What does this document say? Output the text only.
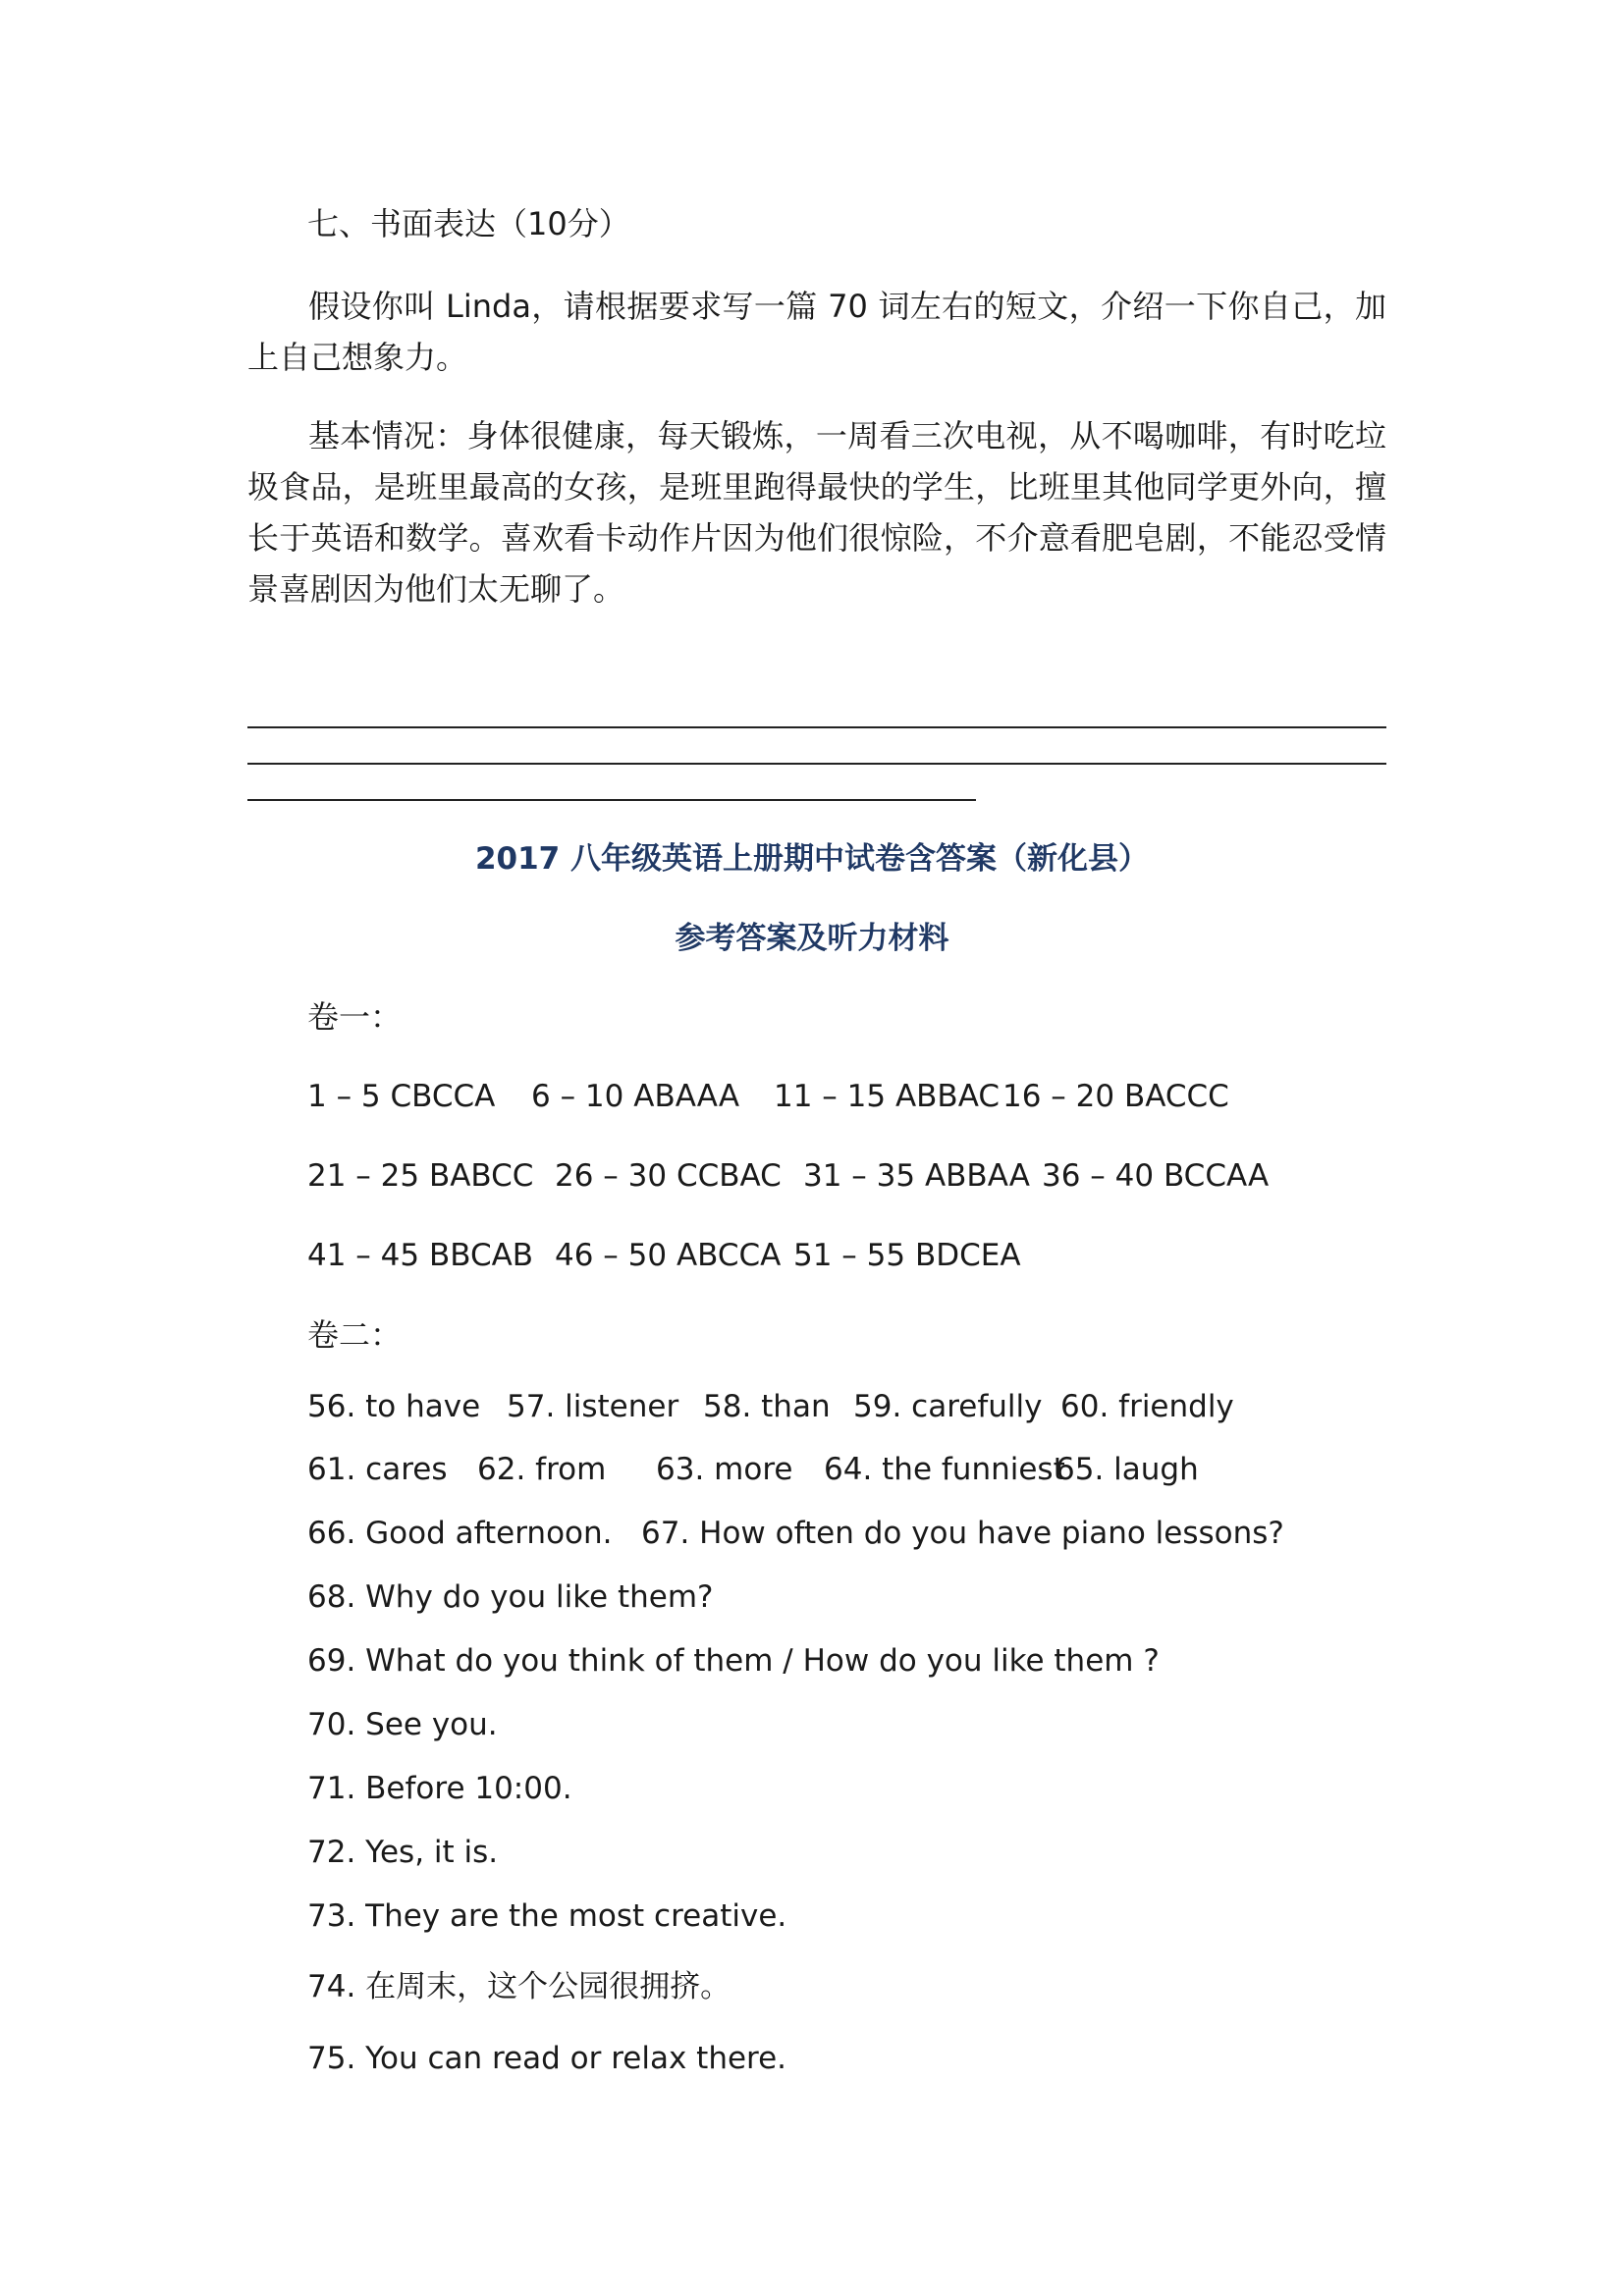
七、书面表达（10分）

假设你叫 Linda，请根据要求写一篇 70 词左右的短文，介绍一下你自己，加上自己想象力。

基本情况：身体很健康，每天锻炼，一周看三次电视，从不喝咖啡，有时吃垃圾食品，是班里最高的女孩，是班里跑得最快的学生，比班里其他同学更外向，擅长于英语和数学。喜欢看卡动作片因为他们很惊险，不介意看肥皂剧，不能忍受情景喜剧因为他们太无聊了。

2017 八年级英语上册期中试卷含答案（新化县）
参考答案及听力材料
卷一：
1 – 5 CBCCA 6 – 10 ABAAA 11 – 15 ABBAC 16 – 20 BACCC
21 – 25 BABCC 26 – 30 CCBAC 31 – 35 ABBAA 36 – 40 BCCAA
41 – 45 BBCAB 46 – 50 ABCCA 51 – 55 BDCEA
卷二：
56. to have 57. listener 58. than 59. carefully 60. friendly
61. cares 62. from 63. more 64. the funniest
65. laugh
66. Good afternoon. 67. How often do you have piano lessons?
68. Why do you like them?
69. What do you think of them / How do you like them ?
70. See you.
71. Before 10:00.
72. Yes, it is.
73. They are the most creative.
74. 在周末，这个公园很拥挤。
75. You can read or relax there.
